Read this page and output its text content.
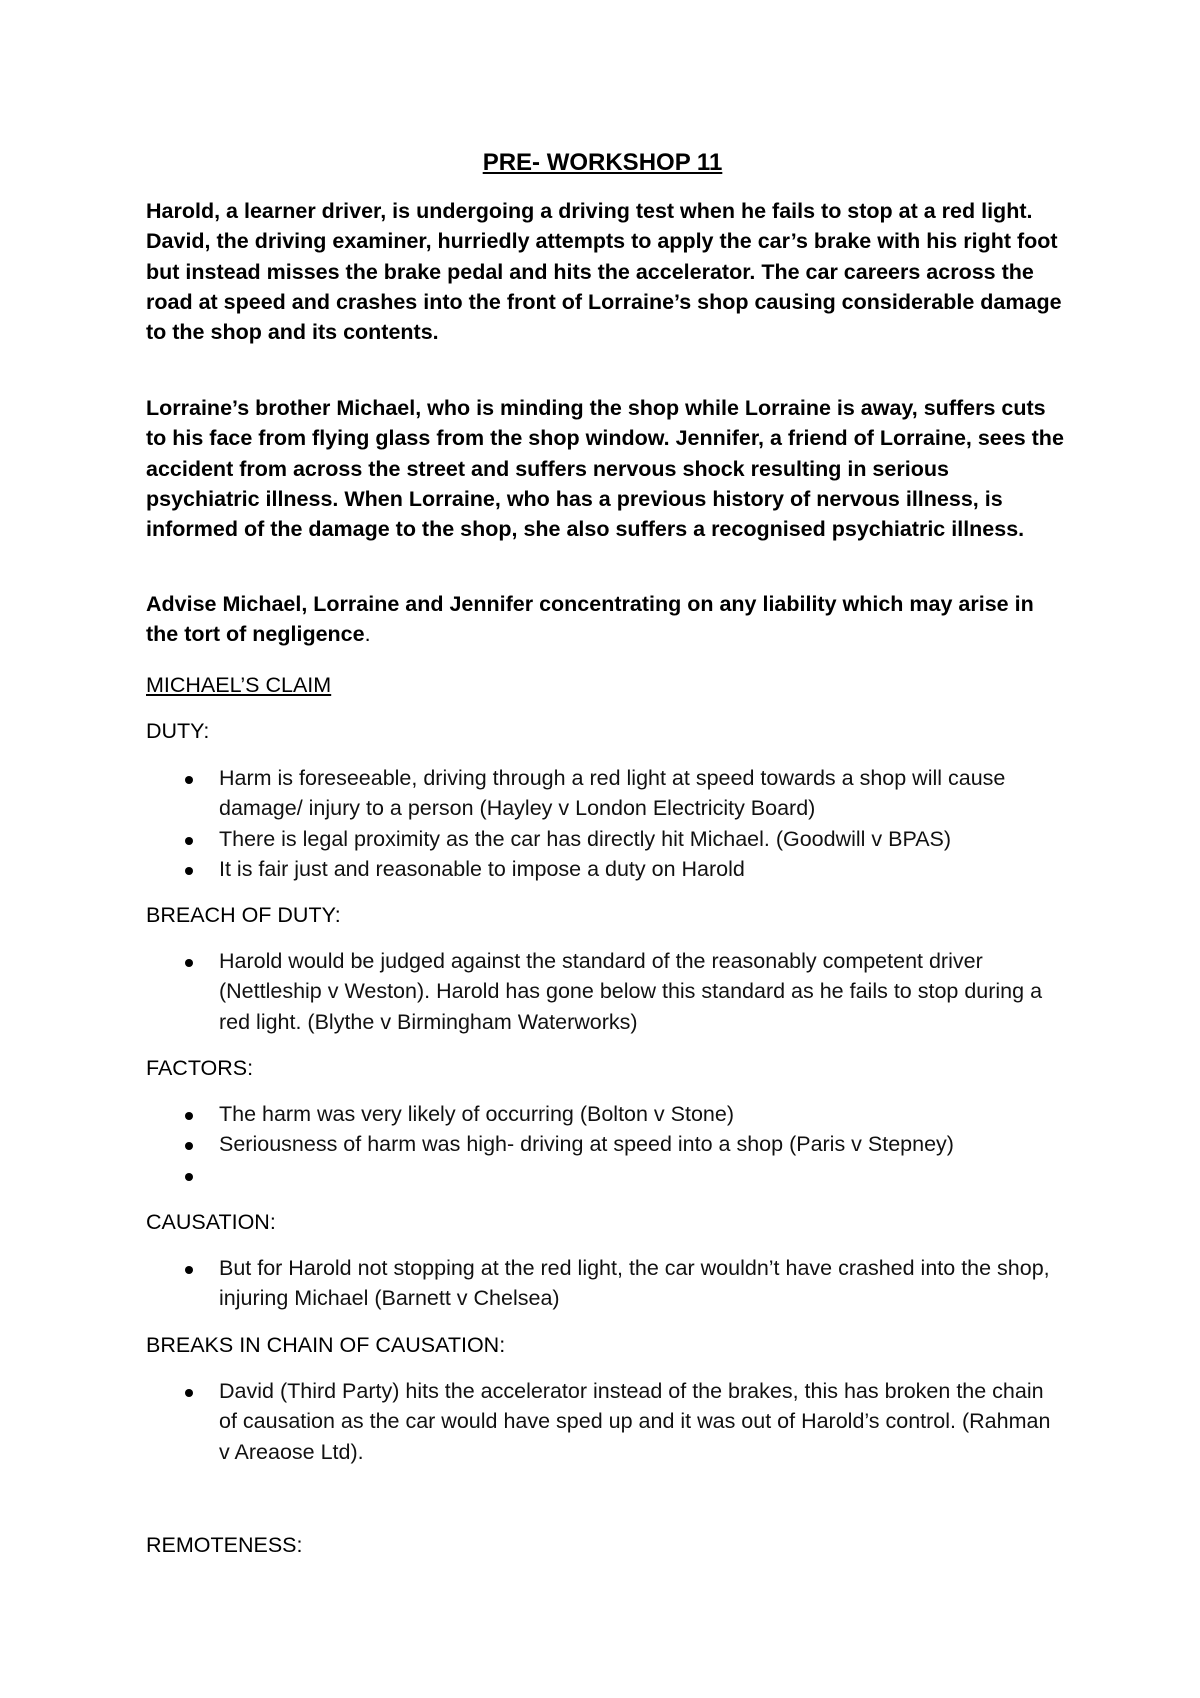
PRE- WORKSHOP 11

Harold, a learner driver, is undergoing a driving test when he fails to stop at a red light. David, the driving examiner, hurriedly attempts to apply the car’s brake with his right foot but instead misses the brake pedal and hits the accelerator. The car careers across the road at speed and crashes into the front of Lorraine’s shop causing considerable damage to the shop and its contents.

Lorraine’s brother Michael, who is minding the shop while Lorraine is away, suffers cuts to his face from flying glass from the shop window. Jennifer, a friend of Lorraine, sees the accident from across the street and suffers nervous shock resulting in serious psychiatric illness. When Lorraine, who has a previous history of nervous illness, is informed of the damage to the shop, she also suffers a recognised psychiatric illness.

Advise Michael, Lorraine and Jennifer concentrating on any liability which may arise in the tort of negligence.

MICHAEL’S CLAIM

DUTY:

Harm is foreseeable, driving through a red light at speed towards a shop will cause damage/ injury to a person (Hayley v London Electricity Board)
There is legal proximity as the car has directly hit Michael. (Goodwill v BPAS)
It is fair just and reasonable to impose a duty on Harold

BREACH OF DUTY:

Harold would be judged against the standard of the reasonably competent driver (Nettleship v Weston). Harold has gone below this standard as he fails to stop during a red light. (Blythe v Birmingham Waterworks)

FACTORS:

The harm was very likely of occurring (Bolton v Stone)
Seriousness of harm was high- driving at speed into a shop (Paris v Stepney)

CAUSATION:

But for Harold not stopping at the red light, the car wouldn’t have crashed into the shop, injuring Michael (Barnett v Chelsea)

BREAKS IN CHAIN OF CAUSATION:

David (Third Party) hits the accelerator instead of the brakes, this has broken the chain of causation as the car would have sped up and it was out of Harold’s control. (Rahman v Areaose Ltd).

REMOTENESS:
